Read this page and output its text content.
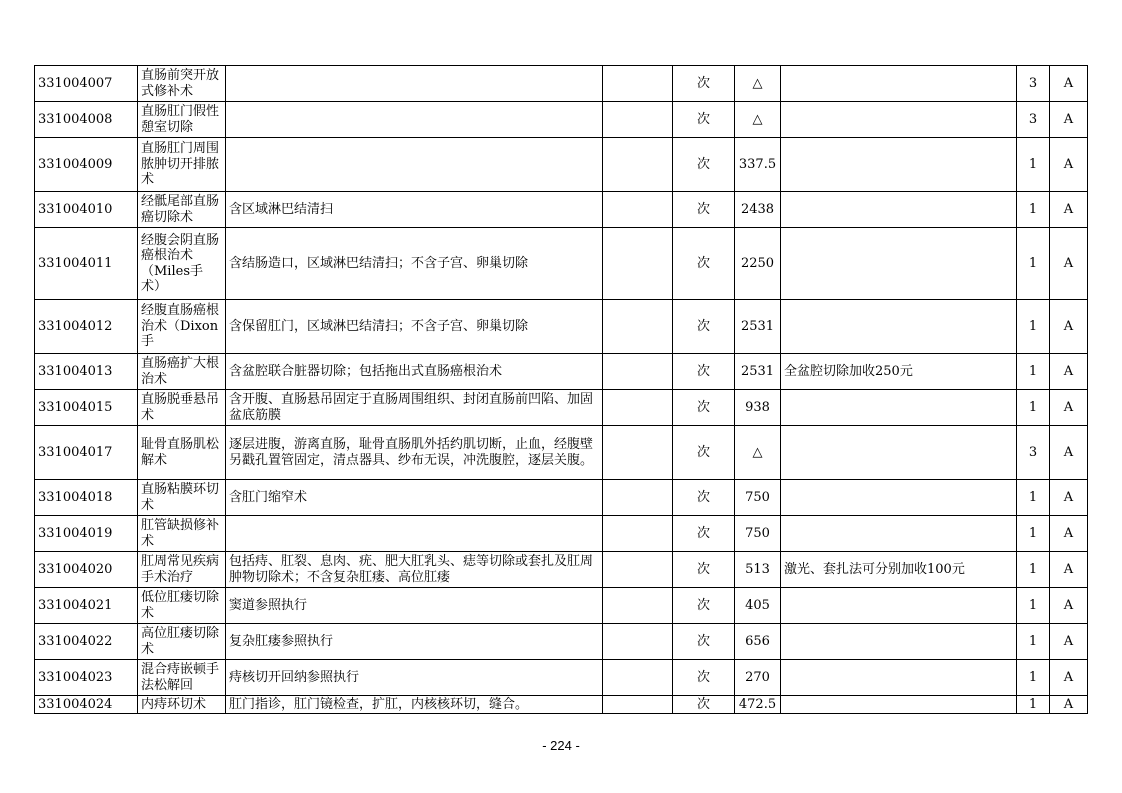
331004007	直肠前突开放式修补术			次	△		3	A
331004008	直肠肛门假性憩室切除			次	△		3	A
331004009	直肠肛门周围脓肿切开排脓术			次	337.5		1	A
331004010	经骶尾部直肠癌切除术	含区域淋巴结清扫		次	2438		1	A
331004011	经腹会阴直肠癌根治术（Miles手术）	含结肠造口，区域淋巴结清扫；不含子宫、卵巢切除		次	2250		1	A
331004012	经腹直肠癌根治术（Dixon手	含保留肛门，区域淋巴结清扫；不含子宫、卵巢切除		次	2531		1	A
331004013	直肠癌扩大根治术	含盆腔联合脏器切除；包括拖出式直肠癌根治术		次	2531	全盆腔切除加收250元	1	A
331004015	直肠脱垂悬吊术	含开腹、直肠悬吊固定于直肠周围组织、封闭直肠前凹陷、加固盆底筋膜		次	938		1	A
331004017	耻骨直肠肌松解术	逐层进腹，游离直肠，耻骨直肠肌外括约肌切断，止血，经腹壁另戳孔置管固定，清点器具、纱布无误，冲洗腹腔，逐层关腹。		次	△		3	A
331004018	直肠粘膜环切术	含肛门缩窄术		次	750		1	A
331004019	肛管缺损修补术			次	750		1	A
331004020	肛周常见疾病手术治疗	包括痔、肛裂、息肉、疣、肥大肛乳头、痣等切除或套扎及肛周肿物切除术；不含复杂肛瘘、高位肛瘘		次	513	激光、套扎法可分别加收100元	1	A
331004021	低位肛瘘切除术	窦道参照执行		次	405		1	A
331004022	高位肛瘘切除术	复杂肛瘘参照执行		次	656		1	A
331004023	混合痔嵌顿手法松解回	痔核切开回纳参照执行		次	270		1	A
331004024	内痔环切术	肛门指诊，肛门镜检查，扩肛，内核核环切，缝合。		次	472.5		1	A
- 224 -
